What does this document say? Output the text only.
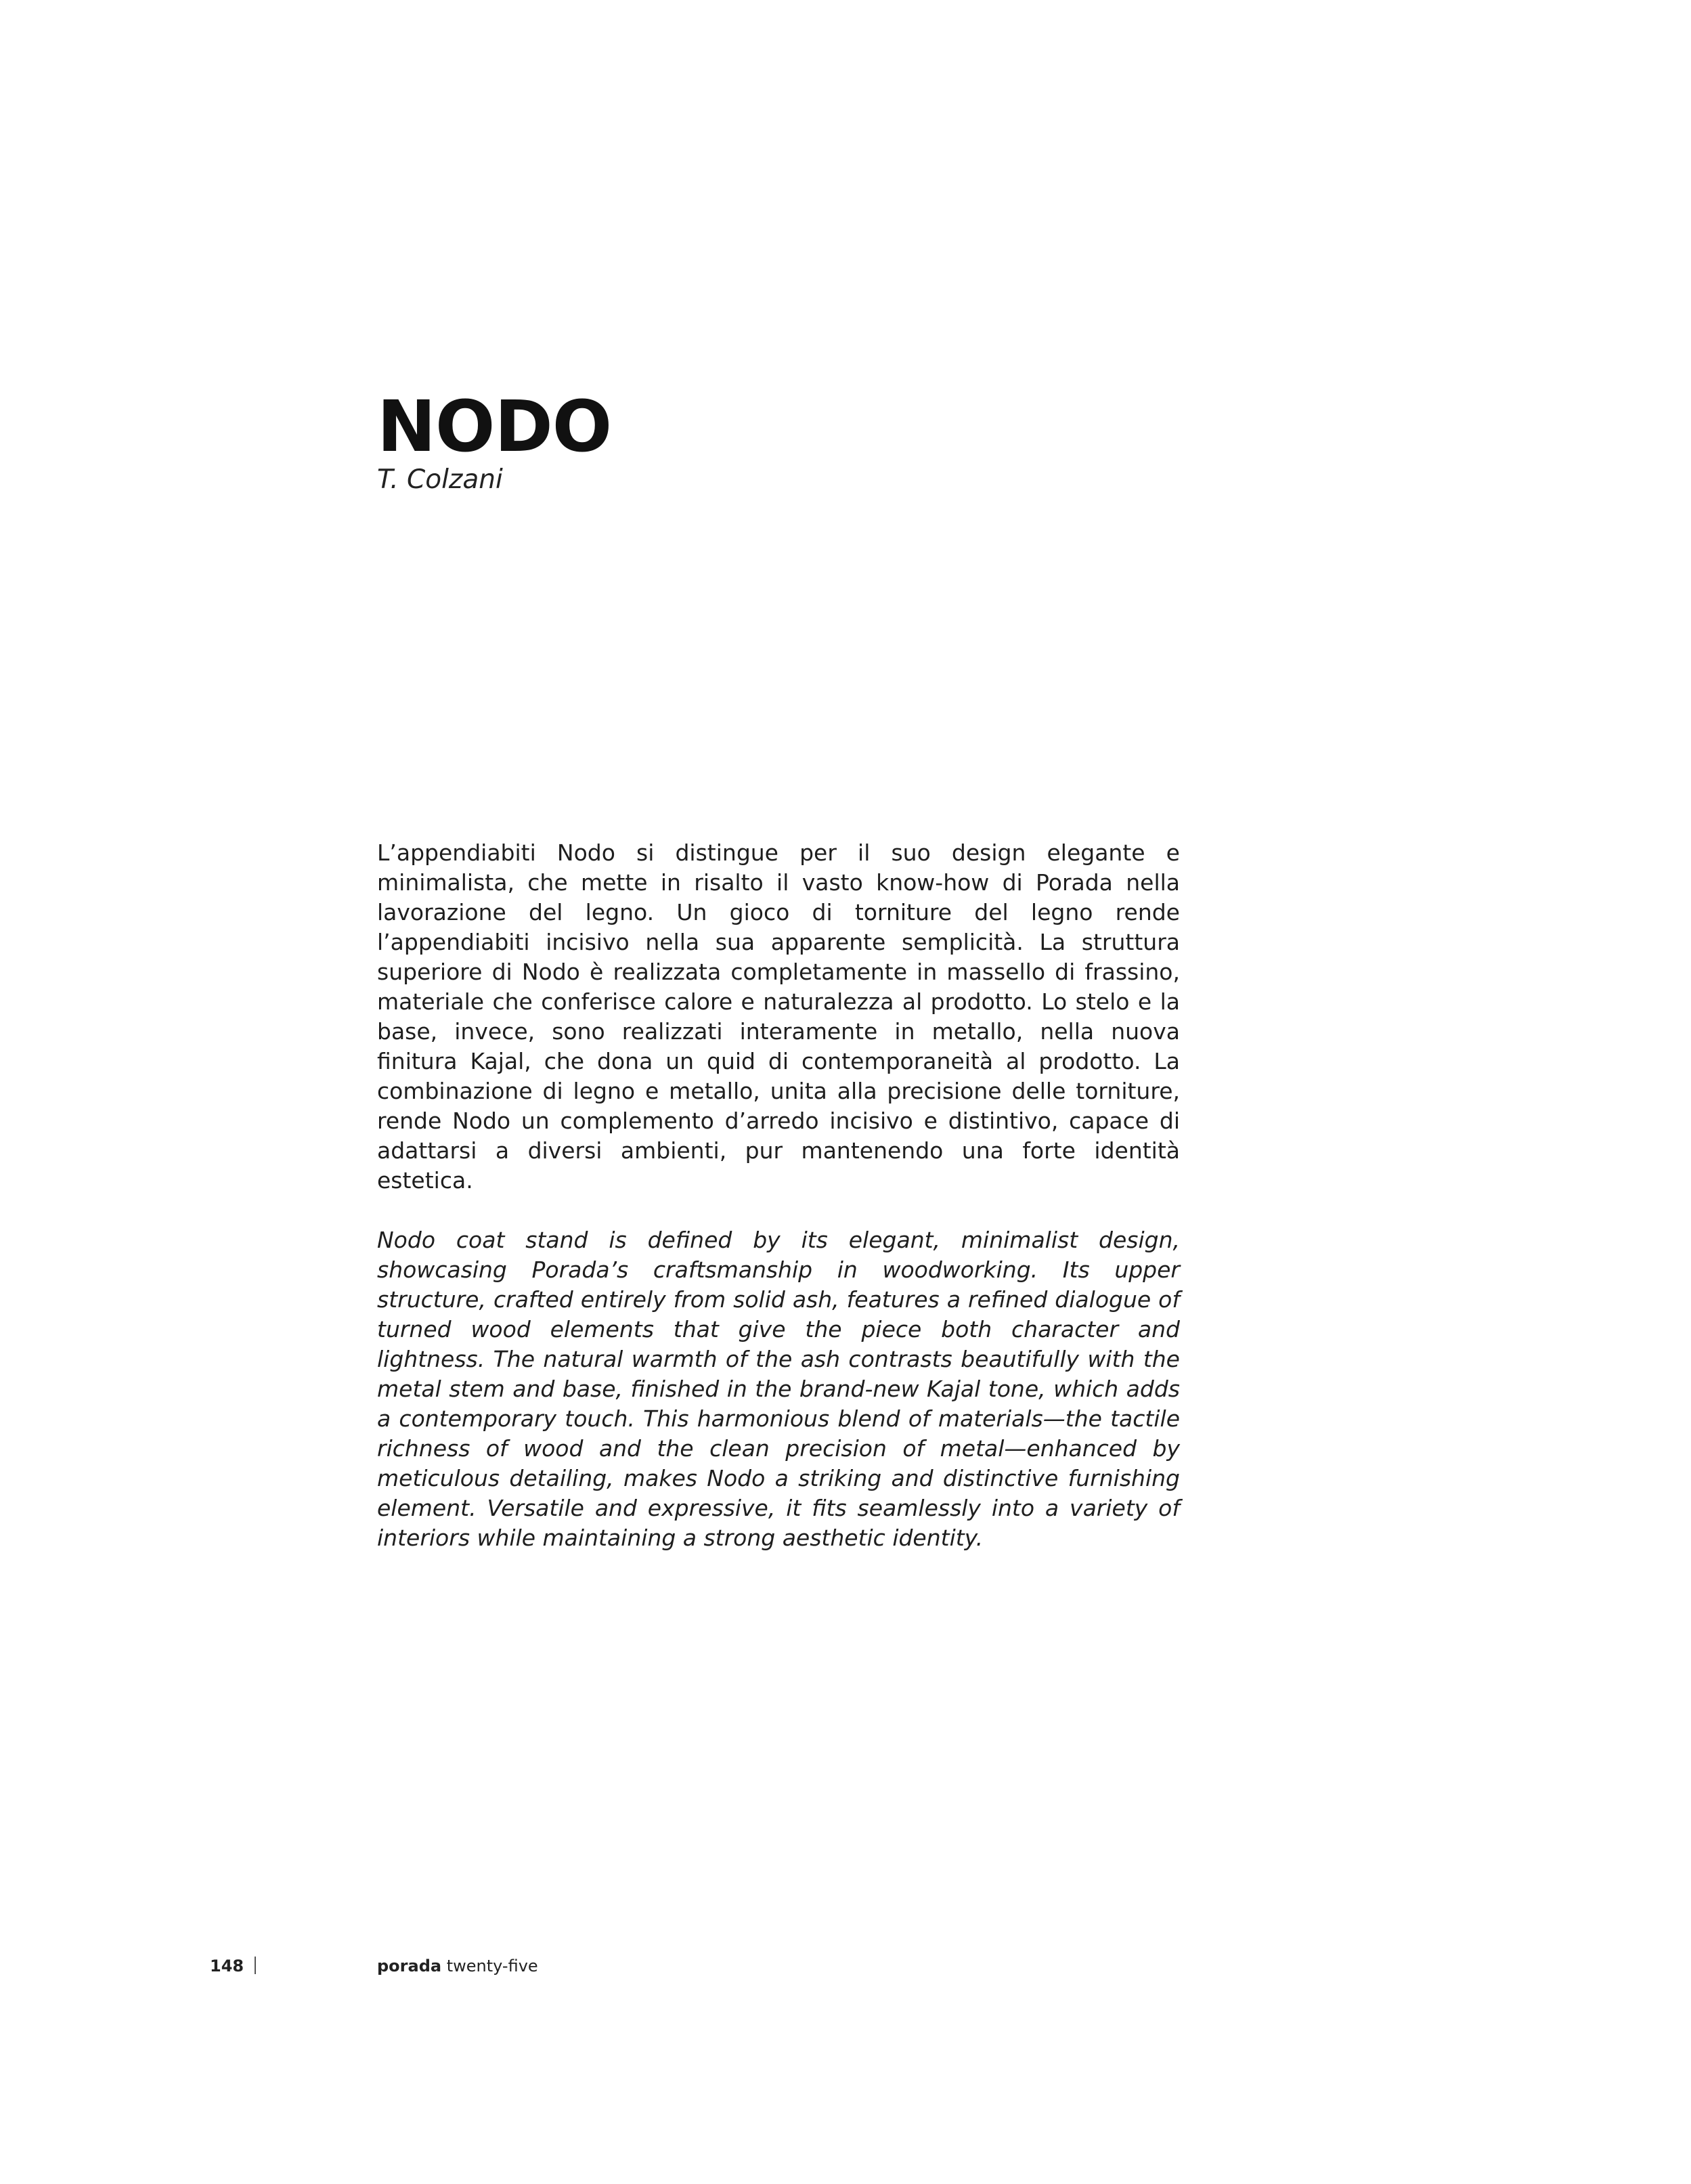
NODO
T. Colzani

L’appendiabiti Nodo si distingue per il suo design elegante e minimalista, che mette in risalto il vasto know-how di Porada nella lavorazione del legno. Un gioco di torniture del legno rende l’appendiabiti incisivo nella sua apparente semplicità. La struttura superiore di Nodo è realizzata completamente in massello di frassino, materiale che conferisce calore e naturalezza al prodotto. Lo stelo e la base, invece, sono realizzati interamente in metallo, nella nuova finitura Kajal, che dona un quid di contemporaneità al prodotto. La combinazione di legno e metallo, unita alla precisione delle torniture, rende Nodo un complemento d’arredo incisivo e distintivo, capace di adattarsi a diversi ambienti, pur mantenendo una forte identità estetica.

Nodo coat stand is defined by its elegant, minimalist design, showcasing Porada’s craftsmanship in woodworking. Its upper structure, crafted entirely from solid ash, features a refined dialogue of turned wood elements that give the piece both character and lightness. The natural warmth of the ash contrasts beautifully with the metal stem and base, finished in the brand-new Kajal tone, which adds a contemporary touch. This harmonious blend of materials—the tactile richness of wood and the clean precision of metal—enhanced by meticulous detailing, makes Nodo a striking and distinctive furnishing element. Versatile and expressive, it fits seamlessly into a variety of interiors while maintaining a strong aesthetic identity.

148	porada twenty-five
